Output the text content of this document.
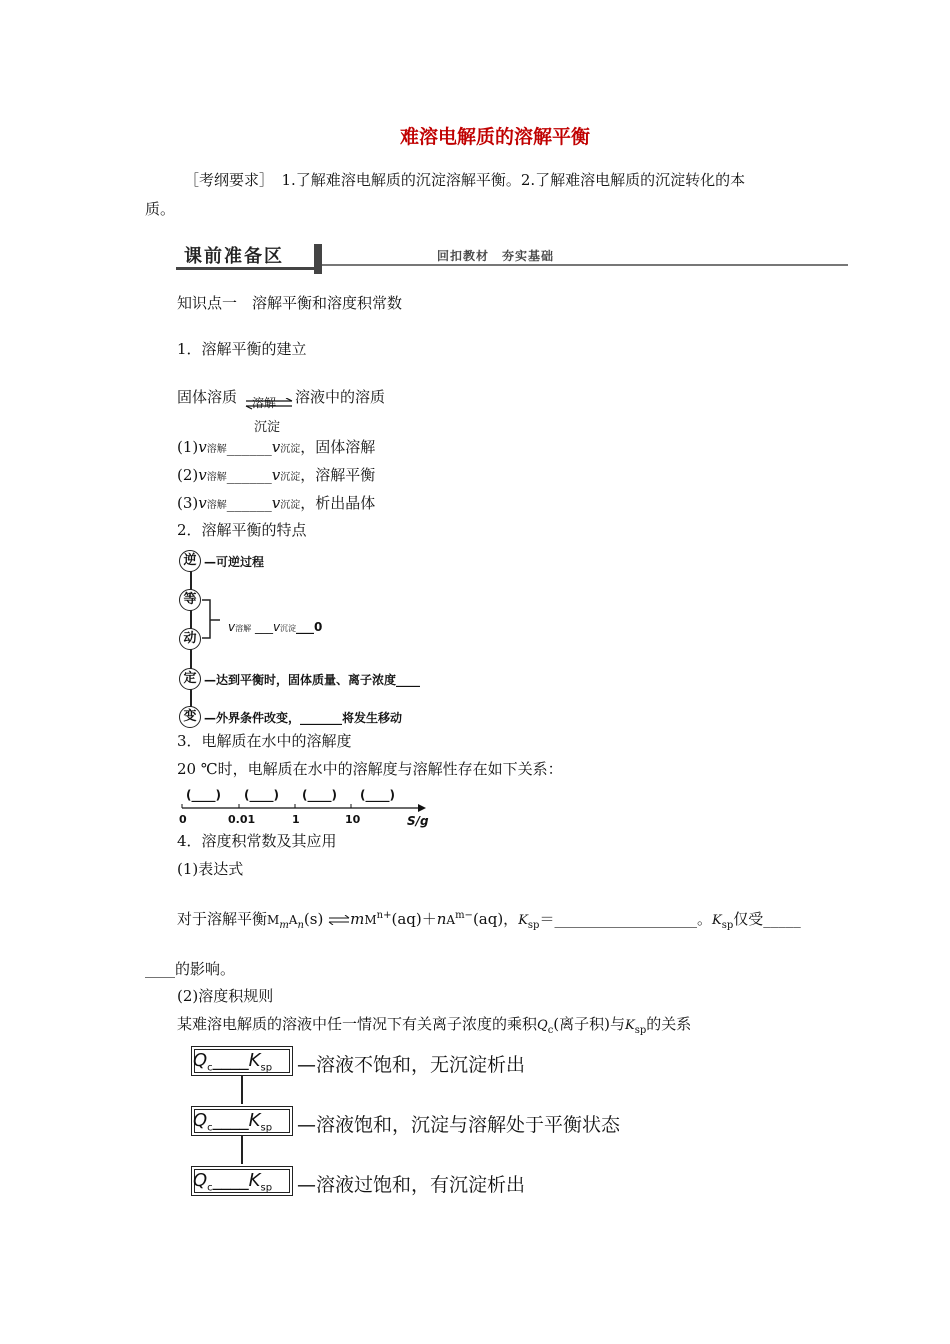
难溶电解质的溶解平衡
［考纲要求］　1.了解难溶电解质的沉淀溶解平衡。2.了解难溶电解质的沉淀转化的本
质。
课前准备区	回扣教材　夯实基础
知识点一　溶解平衡和溶度积常数
1．溶解平衡的建立
固体溶质 溶解 ⇌ 溶液中的溶质
沉淀
(1)v溶解______v沉淀，固体溶解
(2)v溶解______v沉淀，溶解平衡
(3)v溶解______v沉淀，析出晶体
2．溶解平衡的特点
逆 —可逆过程
等
动
v溶解 ___v沉淀___0
定 —达到平衡时，固体质量、离子浓度____
变 —外界条件改变，_______将发生移动
3．电解质在水中的溶解度
20 ℃时，电解质在水中的溶解度与溶解性存在如下关系：
(____) (____) (____) (____)
0	0.01	1	10	S/g
4．溶度积常数及其应用
(1)表达式
对于溶解平衡$M_mA_n(s)$ $\rightleftharpoons mM^{n+}(aq)+nA^{m-}(aq)$，$K_{sp}=\_\_\_\_\_\_\_\_\_\_\_\_\_\_\_\_\_\_\_$。$K_{sp}$仅受_____
____的影响。
(2)溶度积规则
某难溶电解质的溶液中任一情况下有关离子浓度的乘积$Q_c$(离子积)与$K_{sp}$的关系
$Q_c\_\_\_\_K_{sp}$ —溶液不饱和，无沉淀析出
$Q_c\_\_\_\_K_{sp}$ —溶液饱和，沉淀与溶解处于平衡状态
$Q_c\_\_\_\_K_{sp}$ —溶液过饱和，有沉淀析出
